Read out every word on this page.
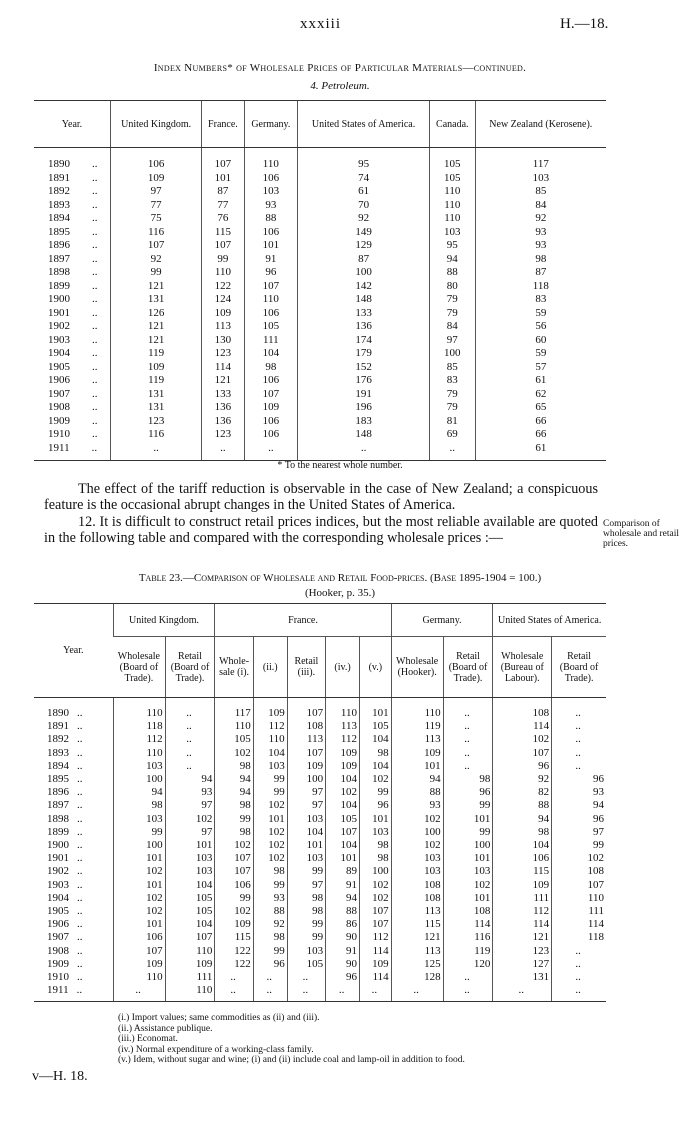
xxxiii	H.—18.
Index Numbers* of Wholesale Prices of Particular Materials—continued.
4. Petroleum.
Year.	United Kingdom.	France.	Germany.	United States of America.	Canada.	New Zealand (Kerosene).

1890 ..	106	107	110	95	105	117
1891 ..	109	101	106	74	105	103
1892 ..	97	87	103	61	110	85
1893 ..	77	77	93	70	110	84
1894 ..	75	76	88	92	110	92
1895 ..	116	115	106	149	103	93
1896 ..	107	107	101	129	95	93
1897 ..	92	99	91	87	94	98
1898 ..	99	110	96	100	88	87
1899 ..	121	122	107	142	80	118
1900 ..	131	124	110	148	79	83
1901 ..	126	109	106	133	79	59
1902 ..	121	113	105	136	84	56
1903 ..	121	130	111	174	97	60
1904 ..	119	123	104	179	100	59
1905 ..	109	114	98	152	85	57
1906 ..	119	121	106	176	83	61
1907 ..	131	133	107	191	79	62
1908 ..	131	136	109	196	79	65
1909 ..	123	136	106	183	81	66
1910 ..	116	123	106	148	69	66
1911 ..	..	..	..	..	..	61
* To the nearest whole number.
The effect of the tariff reduction is observable in the case of New Zealand; a conspicuous feature is the occasional abrupt changes in the United States of America.
12. It is difficult to construct retail prices indices, but the most reliable available are quoted in the following table and compared with the corresponding wholesale prices :—
Comparison of wholesale and retail prices.
Table 23.—Comparison of Wholesale and Retail Food-prices. (Base 1895-1904 = 100.)
(Hooker, p. 35.)
Year.	United Kingdom.		France.					Germany.		United States of America.	
	Wholesale (Board of Trade).	Retail (Board of Trade).	Whole-sale (i).	(ii.)	Retail (iii).	(iv.)	(v.)	Wholesale (Hooker).	Retail (Board of Trade).	Wholesale (Bureau of Labour).	Retail (Board of Trade).

1890 ..	110	..	117	109	107	110	101	110	..	108	..
1891 ..	118	..	110	112	108	113	105	119	..	114	..
1892 ..	112	..	105	110	113	112	104	113	..	102	..
1893 ..	110	..	102	104	107	109	98	109	..	107	..
1894 ..	103	..	98	103	109	109	104	101	..	96	..
1895 ..	100	94	94	99	100	104	102	94	98	92	96
1896 ..	94	93	94	99	97	102	99	88	96	82	93
1897 ..	98	97	98	102	97	104	96	93	99	88	94
1898 ..	103	102	99	101	103	105	101	102	101	94	96
1899 ..	99	97	98	102	104	107	103	100	99	98	97
1900 ..	100	101	102	102	101	104	98	102	100	104	99
1901 ..	101	103	107	102	103	101	98	103	101	106	102
1902 ..	102	103	107	98	99	89	100	103	103	115	108
1903 ..	101	104	106	99	97	91	102	108	102	109	107
1904 ..	102	105	99	93	98	94	102	108	101	111	110
1905 ..	102	105	102	88	98	88	107	113	108	112	111
1906 ..	101	104	109	92	99	86	107	115	114	114	114
1907 ..	106	107	115	98	99	90	112	121	116	121	118
1908 ..	107	110	122	99	103	91	114	113	119	123	..
1909 ..	109	109	122	96	105	90	109	125	120	127	..
1910 ..	110	111	..	..	..	96	114	128	..	131	..
1911 ..	..	110	..	..	..	..	..	..	..	..	..
(i.) Import values; same commodities as (ii) and (iii).
(ii.) Assistance publique.
(iii.) Economat.
(iv.) Normal expenditure of a working-class family.
(v.) Idem, without sugar and wine; (i) and (ii) include coal and lamp-oil in addition to food.
v—H. 18.
